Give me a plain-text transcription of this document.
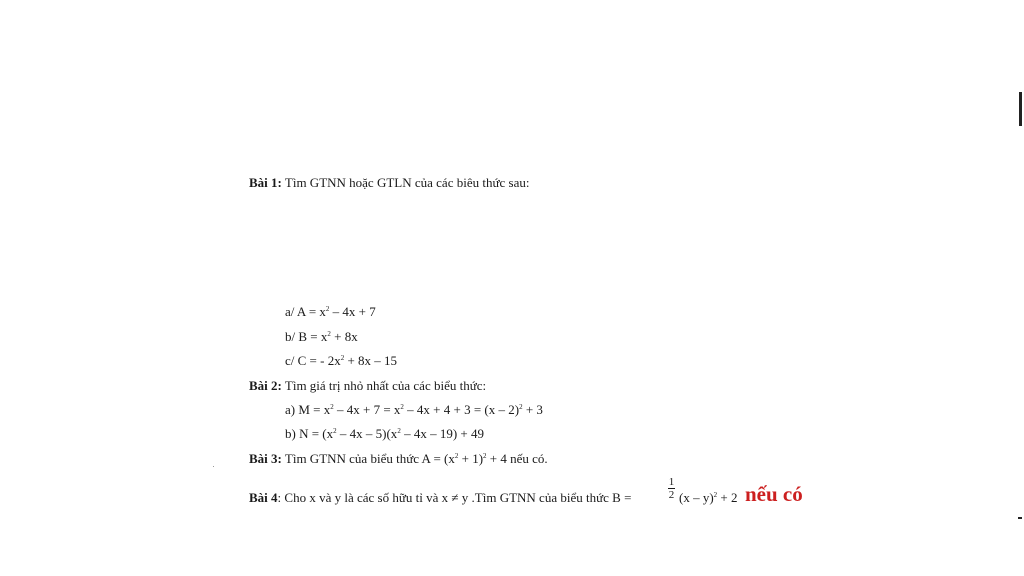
Bài 1: Tìm GTNN hoặc GTLN của các biêu thức sau:
a/ $A = x^2 - 4x + 7$
b/ $B = x^2 + 8x$
c/ C = - $2x^2 + 8x - 15$
Bài 2: Tìm giá trị nhỏ nhất của các biểu thức:
a) $M = x^2 - 4x + 7 = x^2 - 4x + 4 + 3 = (x - 2)^2 + 3$
b) $N = (x^2 - 4x - 5)(x^2 - 4x - 19) + 49$
Bài 3: Tìm GTNN của biểu thức $A = (x^2 + 1)^2 + 4$ nếu có.
Bài 4: Cho x và y là các số hữu tỉ và x ≠ y .Tìm GTNN của biểu thức B =
1
2 (x – y)$^2$ + 2 nếu có
